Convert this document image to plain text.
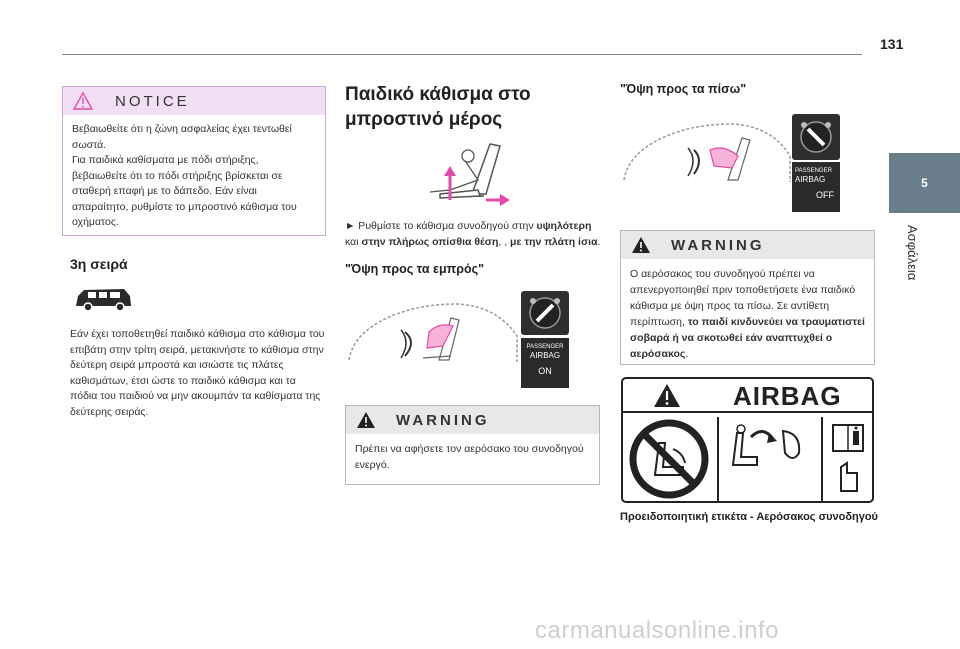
131
5
Ασφάλεια
NOTICE
Βεβαιωθείτε ότι η ζώνη ασφαλείας έχει τεντωθεί σωστά.
Για παιδικά καθίσματα με πόδι στήριξης, βεβαιωθείτε ότι το πόδι στήριξης βρίσκεται σε σταθερή επαφή με το δάπεδο. Εάν είναι απαραίτητο, ρυθμίστε το μπροστινό κάθισμα του οχήματος.
3η σειρά
Εάν έχει τοποθετηθεί παιδικό κάθισμα στο κάθισμα του επιβάτη στην τρίτη σειρά, μετακινήστε το κάθισμα στην δεύτερη σειρά μπροστά και ισιώστε τις πλάτες καθισμάτων, έτσι ώστε το παιδικό κάθισμα και τα πόδια του παιδιού να μην ακουμπάν τα καθίσματα της δεύτερης σειράς.
Παιδικό κάθισμα στο μπροστινό μέρος
► Ρυθμίστε το κάθισμα συνοδηγού στην υψηλότερη
και στην πλήρως οπίσθια θέση, , με την πλάτη ίσια.
"Όψη προς τα εμπρός"
PASSENGER
AIRBAG
ON
WARNING
Πρέπει να αφήσετε τον αερόσακο του συνοδηγού ενεργό.
"Όψη προς τα πίσω"
PASSENGER
AIRBAG
OFF
WARNING
Ο αερόσακος του συνοδηγού πρέπει να απενεργοποιηθεί πριν τοποθετήσετε ένα παιδικό κάθισμα με όψη προς τα πίσω. Σε αντίθετη περίπτωση, το παιδί κινδυνεύει να τραυματιστεί σοβαρά ή να σκοτωθεί εάν αναπτυχθεί ο αερόσακος.
AIRBAG
Προειδοποιητική ετικέτα - Αερόσακος συνοδηγού
carmanualsonline.info
